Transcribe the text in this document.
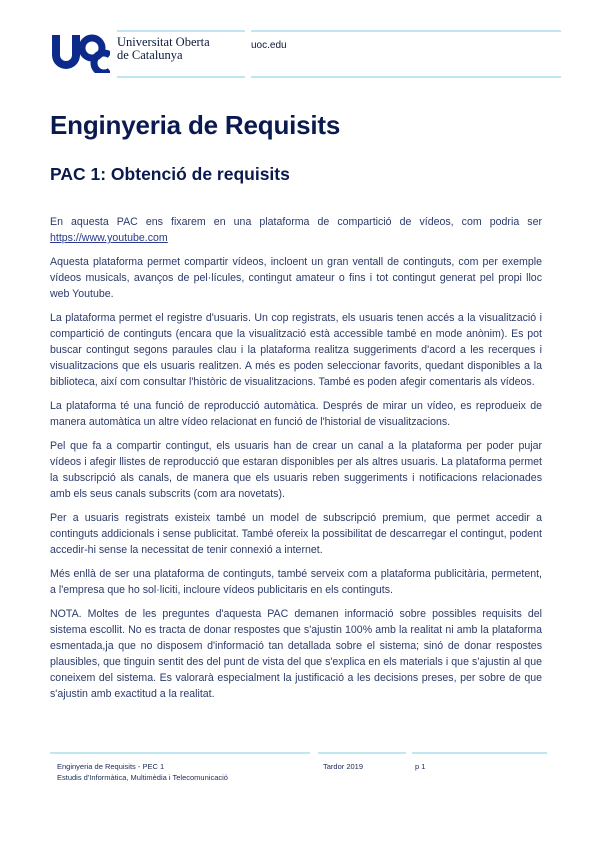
Universitat Oberta
de Catalunya
uoc.edu
Enginyeria de Requisits
PAC 1: Obtenció de requisits

En aquesta PAC ens fixarem en una plataforma de compartició de vídeos, com podria ser https://www.youtube.com

Aquesta plataforma permet compartir vídeos, incloent un gran ventall de continguts, com per exemple vídeos musicals, avanços de pel·lícules, contingut amateur o fins i tot contingut generat pel propi lloc web Youtube.

La plataforma permet el registre d'usuaris. Un cop registrats, els usuaris tenen accés a la visualització i compartició de continguts (encara que la visualització està accessible també en mode anònim). Es pot buscar contingut segons paraules clau i la plataforma realitza suggeriments d'acord a les recerques i visualitzacions que els usuaris realitzen. A més es poden seleccionar favorits, quedant disponibles a la biblioteca, així com consultar l'històric de visualitzacions. També es poden afegir comentaris als vídeos.

La plataforma té una funció de reproducció automàtica. Després de mirar un vídeo, es reprodueix de manera automàtica un altre vídeo relacionat en funció de l'historial de visualitzacions.

Pel que fa a compartir contingut, els usuaris han de crear un canal a la plataforma per poder pujar vídeos i afegir llistes de reproducció que estaran disponibles per als altres usuaris. La plataforma permet la subscripció als canals, de manera que els usuaris reben suggeriments i notificacions relacionades amb els seus canals subscrits (com ara novetats).

Per a usuaris registrats existeix també un model de subscripció premium, que permet accedir a continguts addicionals i sense publicitat. També ofereix la possibilitat de descarregar el contingut, podent accedir-hi sense la necessitat de tenir connexió a internet.

Més enllà de ser una plataforma de continguts, també serveix com a plataforma publicitària, permetent, a l'empresa que ho sol·liciti, incloure vídeos publicitaris en els continguts.

NOTA. Moltes de les preguntes d'aquesta PAC demanen informació sobre possibles requisits del sistema escollit. No es tracta de donar respostes que s'ajustin 100% amb la realitat ni amb la plataforma esmentada,ja que no disposem d'informació tan detallada sobre el sistema; sinó de donar respostes plausibles, que tinguin sentit des del punt de vista del que s'explica en els materials i que s'ajustin al que coneixem del sistema. Es valorarà especialment la justificació a les decisions preses, per sobre de que s'ajustin amb exactitud a la realitat.

Enginyeria de Requisits - PEC 1
Estudis d'Informàtica, Multimèdia i Telecomunicació
Tardor 2019	p 1
